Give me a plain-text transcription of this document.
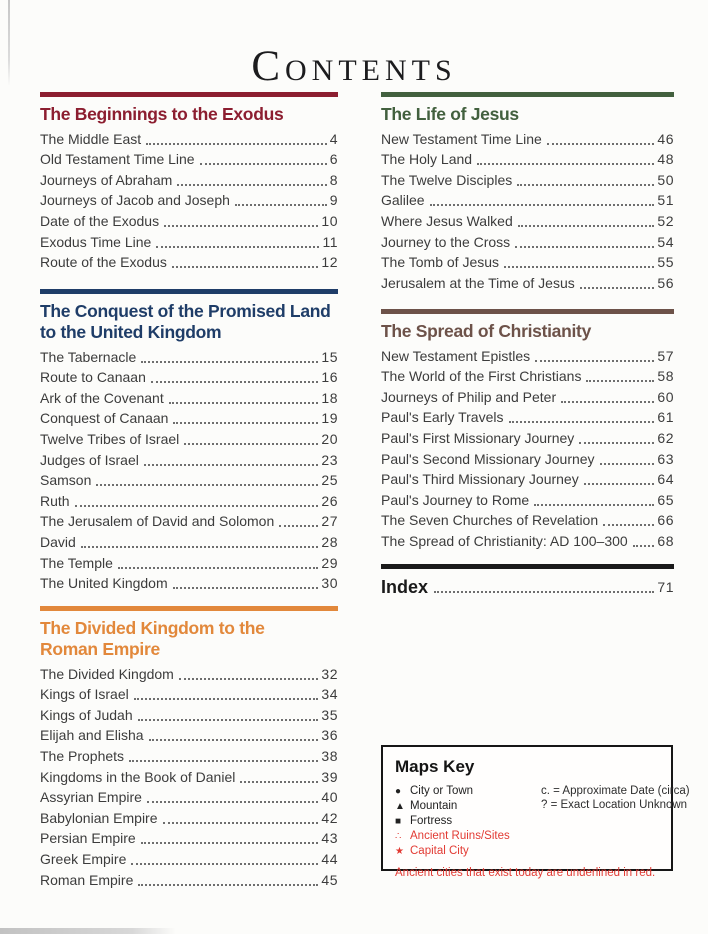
CONTENTS
The Beginnings to the Exodus
The Middle East	4
Old Testament Time Line	6
Journeys of Abraham	8
Journeys of Jacob and Joseph	9
Date of the Exodus	10
Exodus Time Line	11
Route of the Exodus	12
The Conquest of the Promised Land to the United Kingdom
The Tabernacle	15
Route to Canaan	16
Ark of the Covenant	18
Conquest of Canaan	19
Twelve Tribes of Israel	20
Judges of Israel	23
Samson	25
Ruth	26
The Jerusalem of David and Solomon	27
David	28
The Temple	29
The United Kingdom	30
The Divided Kingdom to the Roman Empire
The Divided Kingdom	32
Kings of Israel	34
Kings of Judah	35
Elijah and Elisha	36
The Prophets	38
Kingdoms in the Book of Daniel	39
Assyrian Empire	40
Babylonian Empire	42
Persian Empire	43
Greek Empire	44
Roman Empire	45
The Life of Jesus
New Testament Time Line	46
The Holy Land	48
The Twelve Disciples	50
Galilee	51
Where Jesus Walked	52
Journey to the Cross	54
The Tomb of Jesus	55
Jerusalem at the Time of Jesus	56
The Spread of Christianity
New Testament Epistles	57
The World of the First Christians	58
Journeys of Philip and Peter	60
Paul's Early Travels	61
Paul's First Missionary Journey	62
Paul's Second Missionary Journey	63
Paul's Third Missionary Journey	64
Paul's Journey to Rome	65
The Seven Churches of Revelation	66
The Spread of Christianity: AD 100–300 68
Index	71
Maps Key
● City or Town
▲ Mountain
■ Fortress
∴ Ancient Ruins/Sites
★ Capital City
c. = Approximate Date (circa)
? = Exact Location Unknown
Ancient cities that exist today are underlined in red.
